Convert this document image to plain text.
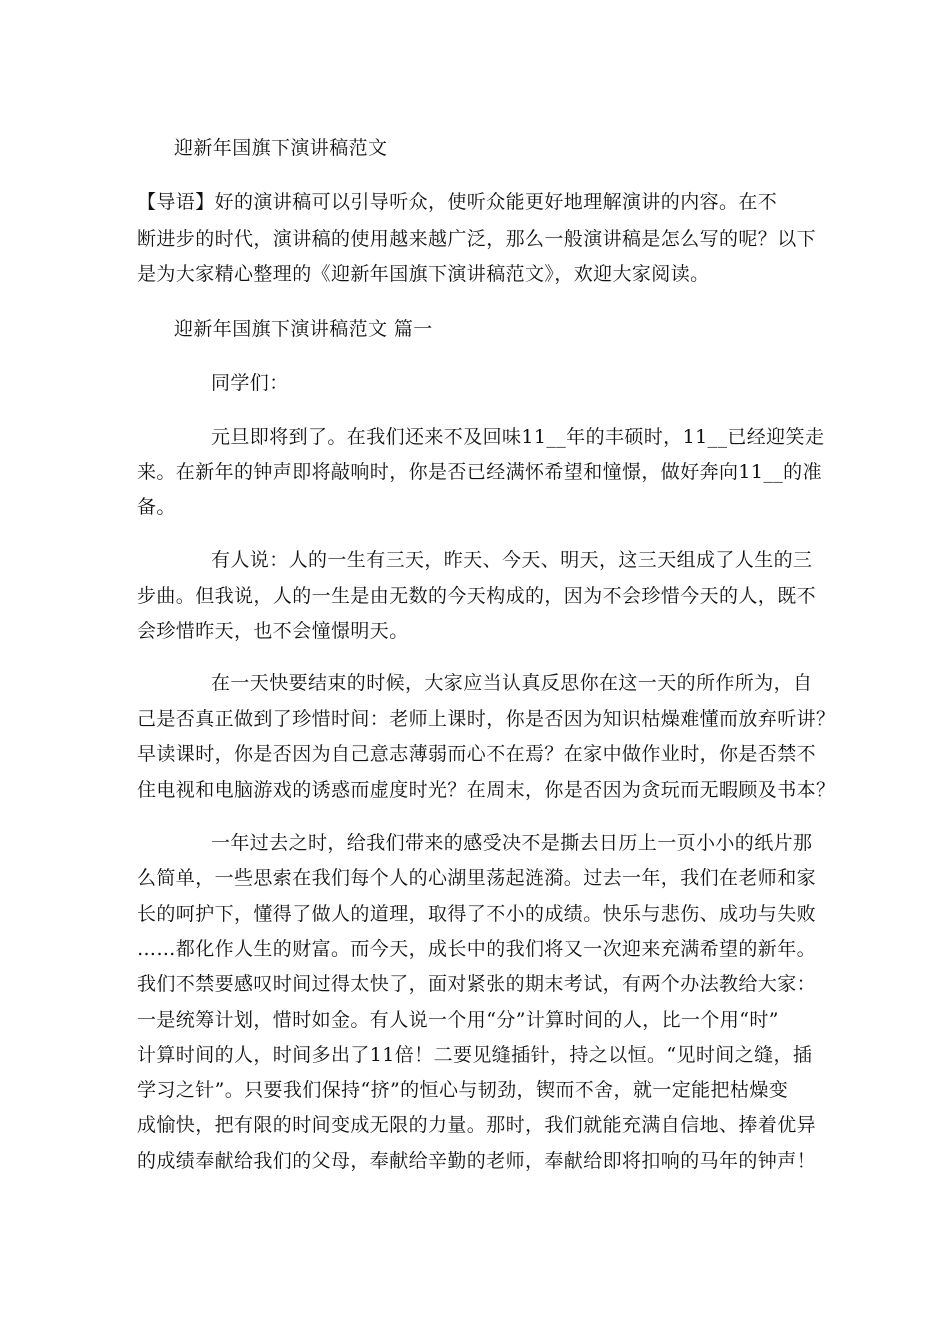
迎新年国旗下演讲稿范文
【导语】好的演讲稿可以引导听众，使听众能更好地理解演讲的内容。在不
断进步的时代，演讲稿的使用越来越广泛，那么一般演讲稿是怎么写的呢？以下
是为大家精心整理的《迎新年国旗下演讲稿范文》，欢迎大家阅读。
迎新年国旗下演讲稿范文 篇一
同学们：
元旦即将到了。在我们还来不及回味11__年的丰硕时，11__已经迎笑走
来。在新年的钟声即将敲响时，你是否已经满怀希望和憧憬，做好奔向11__的准
备。
有人说：人的一生有三天，昨天、今天、明天，这三天组成了人生的三
步曲。但我说，人的一生是由无数的今天构成的，因为不会珍惜今天的人，既不
会珍惜昨天，也不会憧憬明天。
在一天快要结束的时候，大家应当认真反思你在这一天的所作所为，自
己是否真正做到了珍惜时间：老师上课时，你是否因为知识枯燥难懂而放弃听讲？
早读课时，你是否因为自己意志薄弱而心不在焉？在家中做作业时，你是否禁不
住电视和电脑游戏的诱惑而虚度时光？在周末，你是否因为贪玩而无暇顾及书本？
一年过去之时，给我们带来的感受决不是撕去日历上一页小小的纸片那
么简单，一些思索在我们每个人的心湖里荡起涟漪。过去一年，我们在老师和家
长的呵护下，懂得了做人的道理，取得了不小的成绩。快乐与悲伤、成功与失败
……都化作人生的财富。而今天，成长中的我们将又一次迎来充满希望的新年。
我们不禁要感叹时间过得太快了，面对紧张的期末考试，有两个办法教给大家：
一是统筹计划，惜时如金。有人说一个用“分”计算时间的人，比一个用“时”
计算时间的人，时间多出了11倍！二要见缝插针，持之以恒。“见时间之缝，插
学习之针”。只要我们保持“挤”的恒心与韧劲，锲而不舍，就一定能把枯燥变
成愉快，把有限的时间变成无限的力量。那时，我们就能充满自信地、捧着优异
的成绩奉献给我们的父母，奉献给辛勤的老师，奉献给即将扣响的马年的钟声！
